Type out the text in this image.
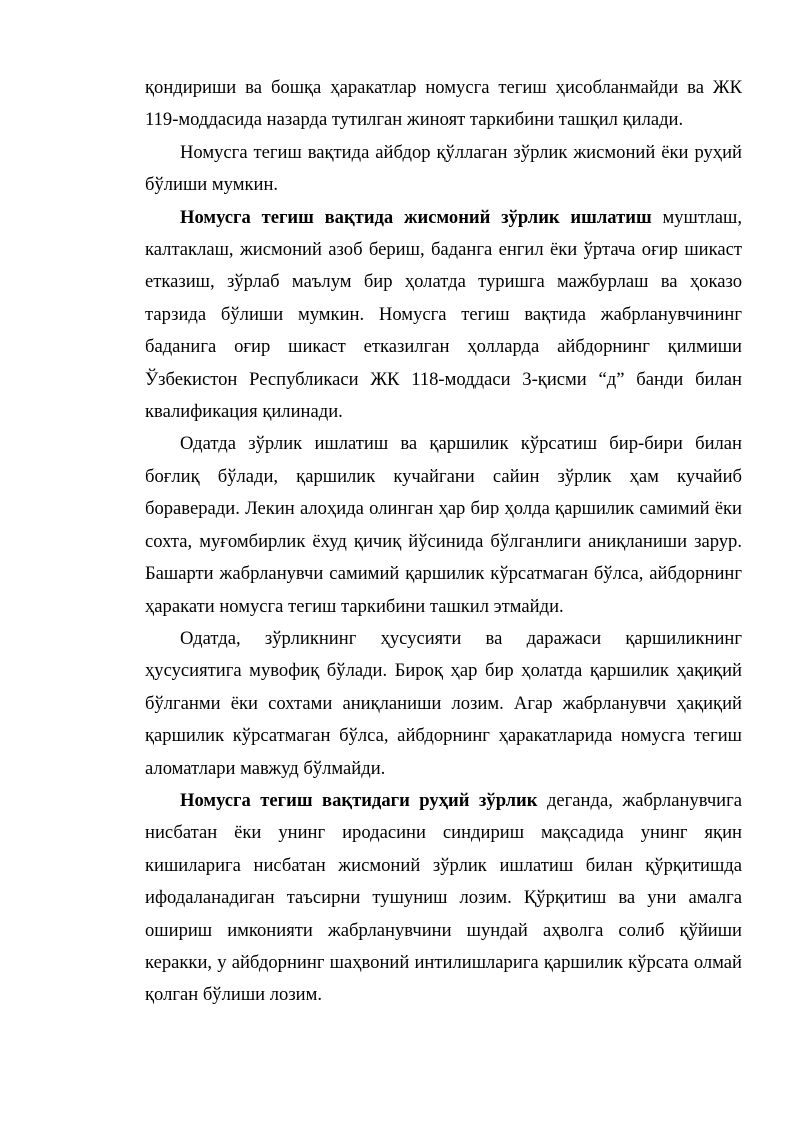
қондириши ва бошқа ҳаракатлар номусга тегиш ҳисобланмайди ва ЖК 119-моддасида назарда тутилган жиноят таркибини ташқил қилади.

Номусга тегиш вақтида айбдор қўллаган зўрлик жисмоний ёки руҳий бўлиши мумкин.

Номусга тегиш вақтида жисмоний зўрлик ишлатиш муштлаш, калтаклаш, жисмоний азоб бериш, баданга енгил ёки ўртача оғир шикаст етказиш, зўрлаб маълум бир ҳолатда туришга мажбурлаш ва ҳоказо тарзида бўлиши мумкин. Номусга тегиш вақтида жабрланувчининг баданига оғир шикаст етказилган ҳолларда айбдорнинг қилмиши Ўзбекистон Республикаси ЖК 118-моддаси 3-қисми “д” банди билан квалификация қилинади.

Одатда зўрлик ишлатиш ва қаршилик кўрсатиш бир-бири билан боғлиқ бўлади, қаршилик кучайгани сайин зўрлик ҳам кучайиб бораверади. Лекин алоҳида олинган ҳар бир ҳолда қаршилик самимий ёки сохта, муғомбирлик ёхуд қичиқ йўсинида бўлганлиги аниқланиши зарур. Башарти жабрланувчи самимий қаршилик кўрсатмаган бўлса, айбдорнинг ҳаракати номусга тегиш таркибини ташкил этмайди.

Одатда, зўрликнинг ҳусусияти ва даражаси қаршиликнинг ҳусусиятига мувофиқ бўлади. Бироқ ҳар бир ҳолатда қаршилик ҳақиқий бўлганми ёки сохтами аниқланиши лозим. Агар жабрланувчи ҳақиқий қаршилик кўрсатмаган бўлса, айбдорнинг ҳаракатларида номусга тегиш аломатлари мавжуд бўлмайди.

Номусга тегиш вақтидаги руҳий зўрлик деганда, жабрланувчига нисбатан ёки унинг иродасини синдириш мақсадида унинг яқин кишиларига нисбатан жисмоний зўрлик ишлатиш билан қўрқитишда ифодаланадиган таъсирни тушуниш лозим. Қўрқитиш ва уни амалга ошириш имконияти жабрланувчини шундай аҳволга солиб қўйиши керакки, у айбдорнинг шаҳвоний интилишларига қаршилик кўрсата олмай қолган бўлиши лозим.
